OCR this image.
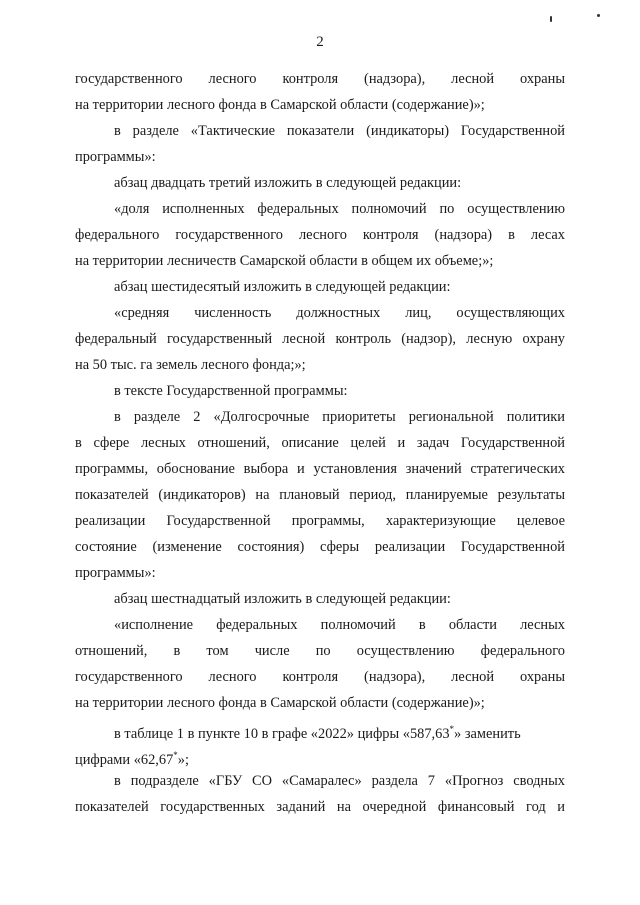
2
государственного лесного контроля (надзора), лесной охраны
на территории лесного фонда в Самарской области (содержание)»;
в разделе «Тактические показатели (индикаторы) Государственной
программы»:
абзац двадцать третий изложить в следующей редакции:
«доля исполненных федеральных полномочий по осуществлению
федерального государственного лесного контроля (надзора) в лесах
на территории лесничеств Самарской области в общем их объеме;»;
абзац шестидесятый изложить в следующей редакции:
«средняя численность должностных лиц, осуществляющих
федеральный государственный лесной контроль (надзор), лесную охрану
на 50 тыс. га земель лесного фонда;»;
в тексте Государственной программы:
в разделе 2 «Долгосрочные приоритеты региональной политики
в сфере лесных отношений, описание целей и задач Государственной
программы, обоснование выбора и установления значений стратегических
показателей (индикаторов) на плановый период, планируемые результаты
реализации Государственной программы, характеризующие целевое
состояние (изменение состояния) сферы реализации Государственной
программы»:
абзац шестнадцатый изложить в следующей редакции:
«исполнение федеральных полномочий в области лесных
отношений, в том числе по осуществлению федерального
государственного лесного контроля (надзора), лесной охраны
на территории лесного фонда в Самарской области (содержание)»;
в таблице 1 в пункте 10 в графе «2022» цифры «587,63*» заменить
цифрами «62,67*»;
в подразделе «ГБУ СО «Самаралес» раздела 7 «Прогноз сводных
показателей государственных заданий на очередной финансовый год и
